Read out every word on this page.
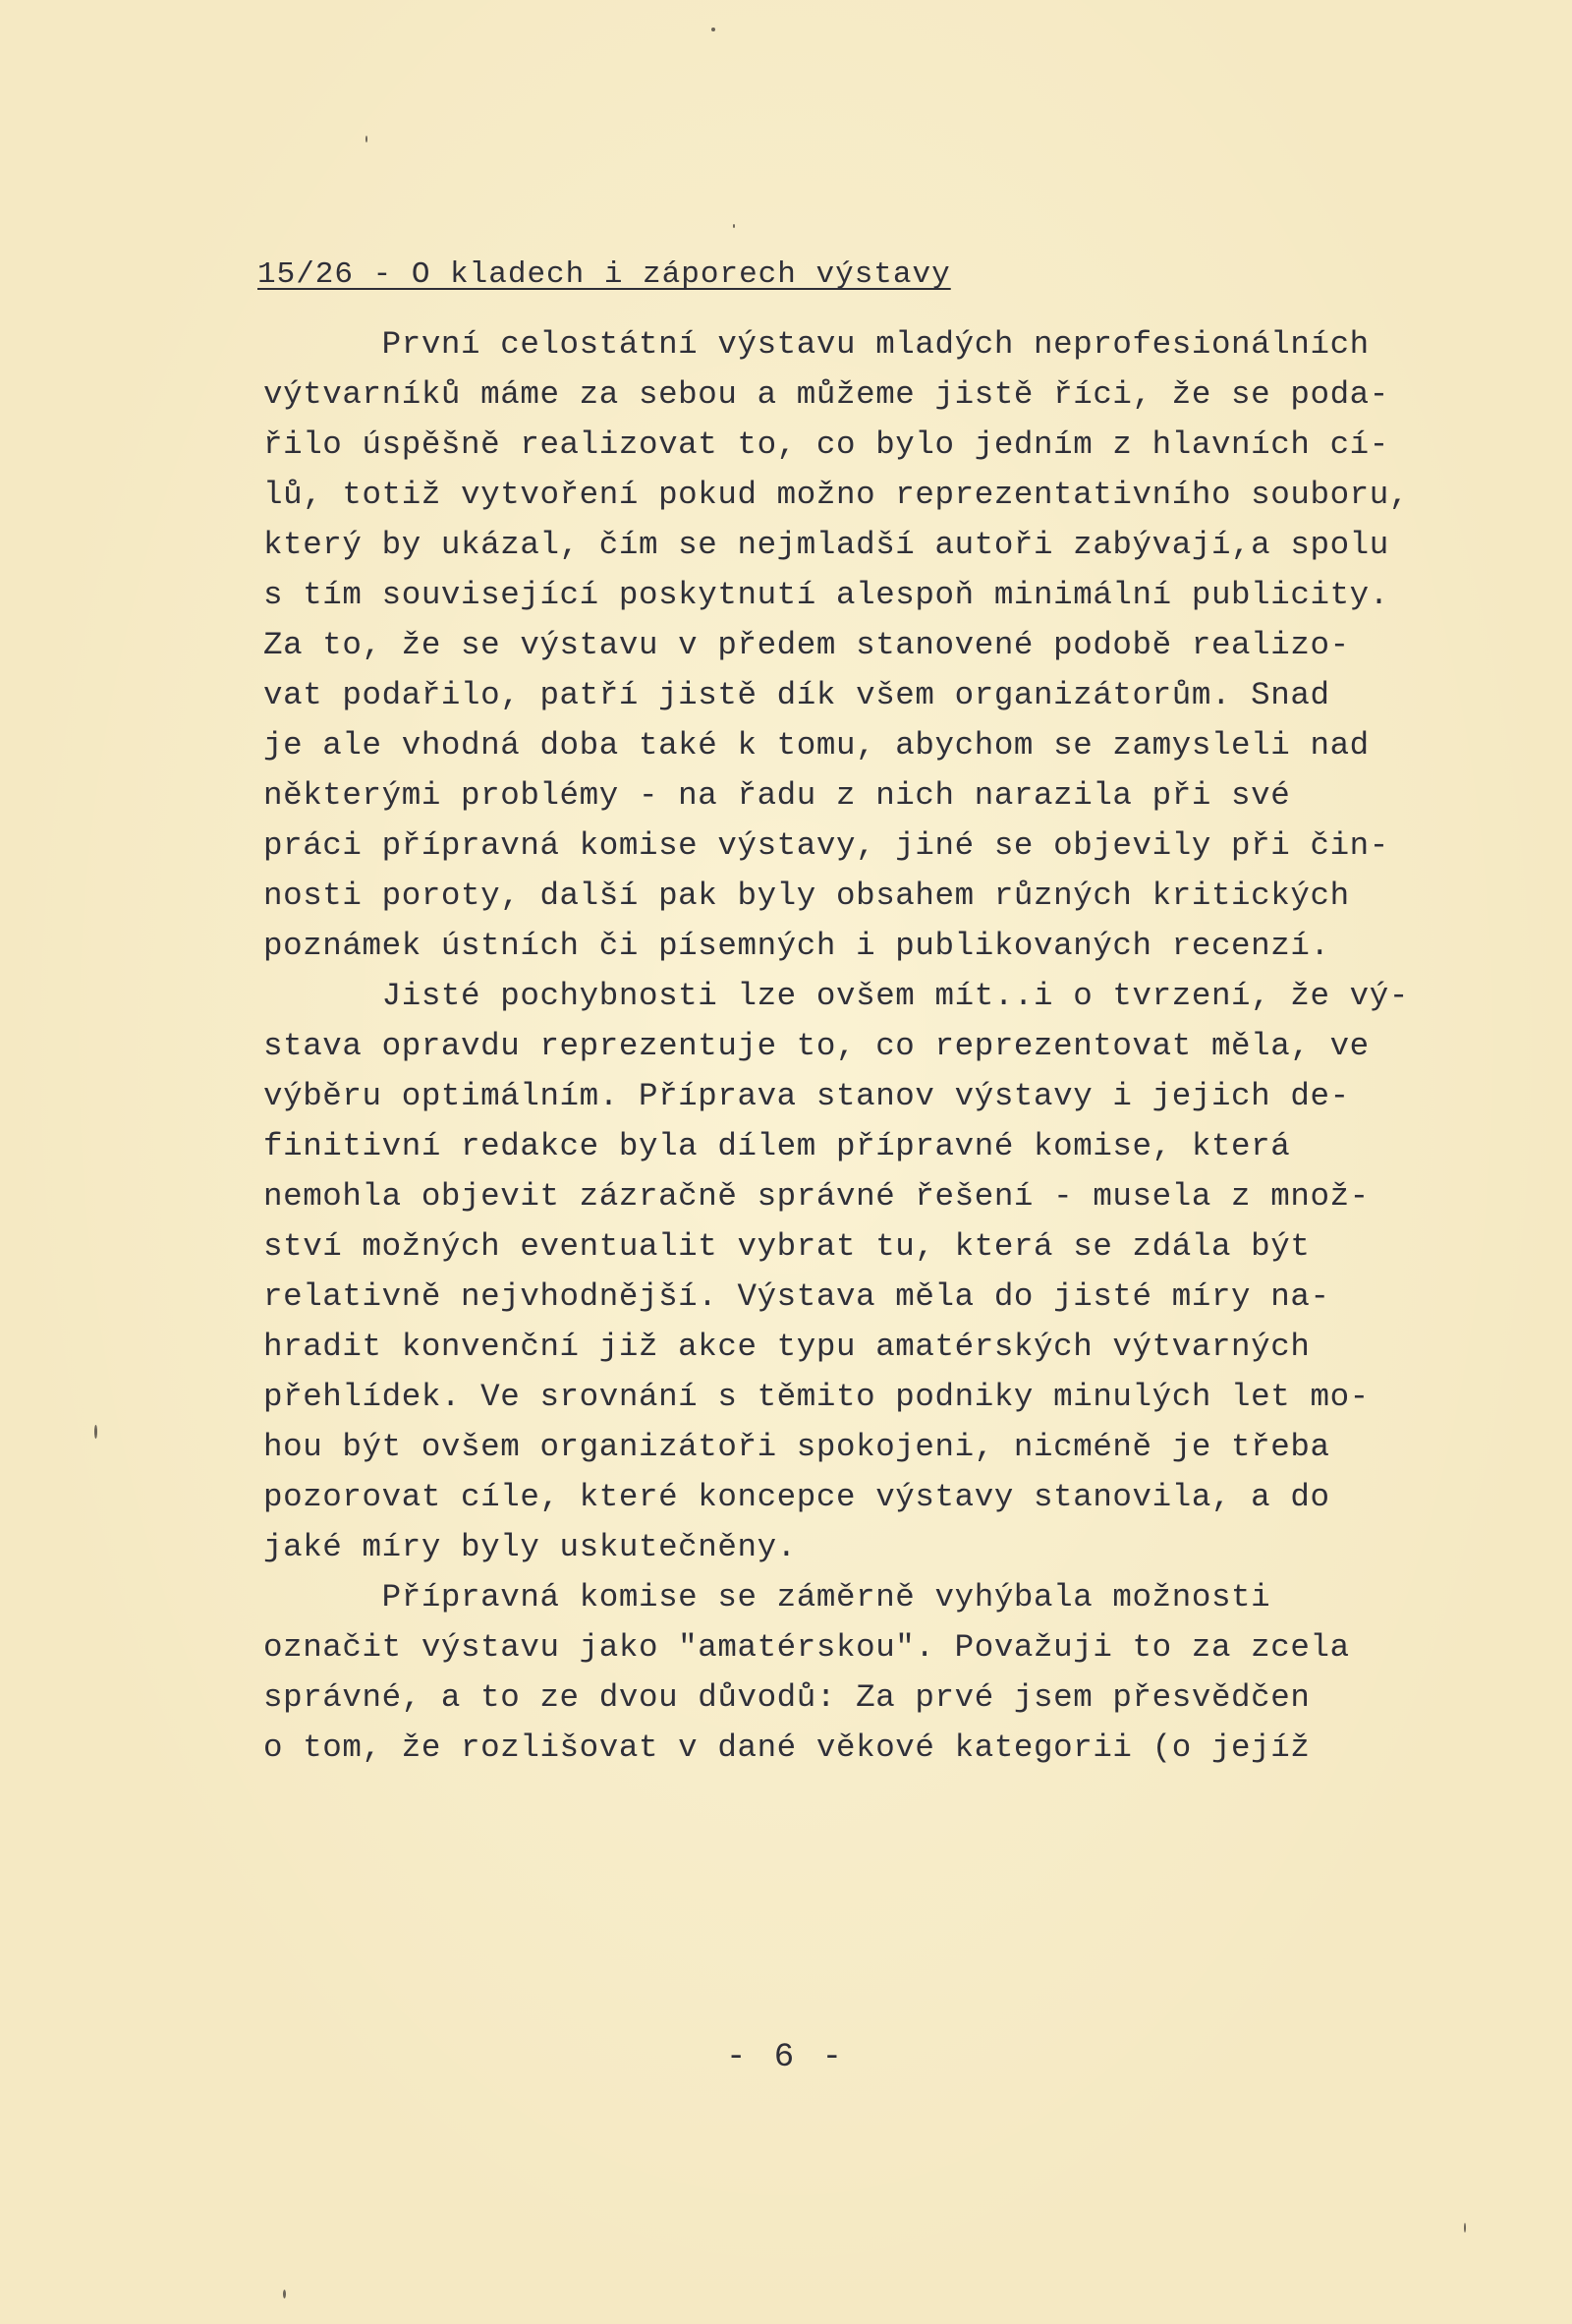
15/26 - O kladech i záporech výstavy
První celostátní výstavu mladých neprofesionálních
výtvarníků máme za sebou a můžeme jistě říci, že se poda-
řilo úspěšně realizovat to, co bylo jedním z hlavních cí-
lů, totiž vytvoření pokud možno reprezentativního souboru,
který by ukázal, čím se nejmladší autoři zabývají,a spolu
s tím související poskytnutí alespoň minimální publicity.
Za to, že se výstavu v předem stanovené podobě realizo-
vat podařilo, patří jistě dík všem organizátorům. Snad
je ale vhodná doba také k tomu, abychom se zamysleli nad
některými problémy - na řadu z nich narazila při své
práci přípravná komise výstavy, jiné se objevily při čin-
nosti poroty, další pak byly obsahem různých kritických
poznámek ústních či písemných i publikovaných recenzí.
Jisté pochybnosti lze ovšem mít..i o tvrzení, že vý-
stava opravdu reprezentuje to, co reprezentovat měla, ve
výběru optimálním. Příprava stanov výstavy i jejich de-
finitivní redakce byla dílem přípravné komise, která
nemohla objevit zázračně správné řešení - musela z množ-
ství možných eventualit vybrat tu, která se zdála být
relativně nejvhodnější. Výstava měla do jisté míry na-
hradit konvenční již akce typu amatérských výtvarných
přehlídek. Ve srovnání s těmito podniky minulých let mo-
hou být ovšem organizátoři spokojeni, nicméně je třeba
pozorovat cíle, které koncepce výstavy stanovila, a do
jaké míry byly uskutečněny.
Přípravná komise se záměrně vyhýbala možnosti
označit výstavu jako "amatérskou". Považuji to za zcela
správné, a to ze dvou důvodů: Za prvé jsem přesvědčen
o tom, že rozlišovat v dané věkové kategorii (o jejíž
- 6 -
